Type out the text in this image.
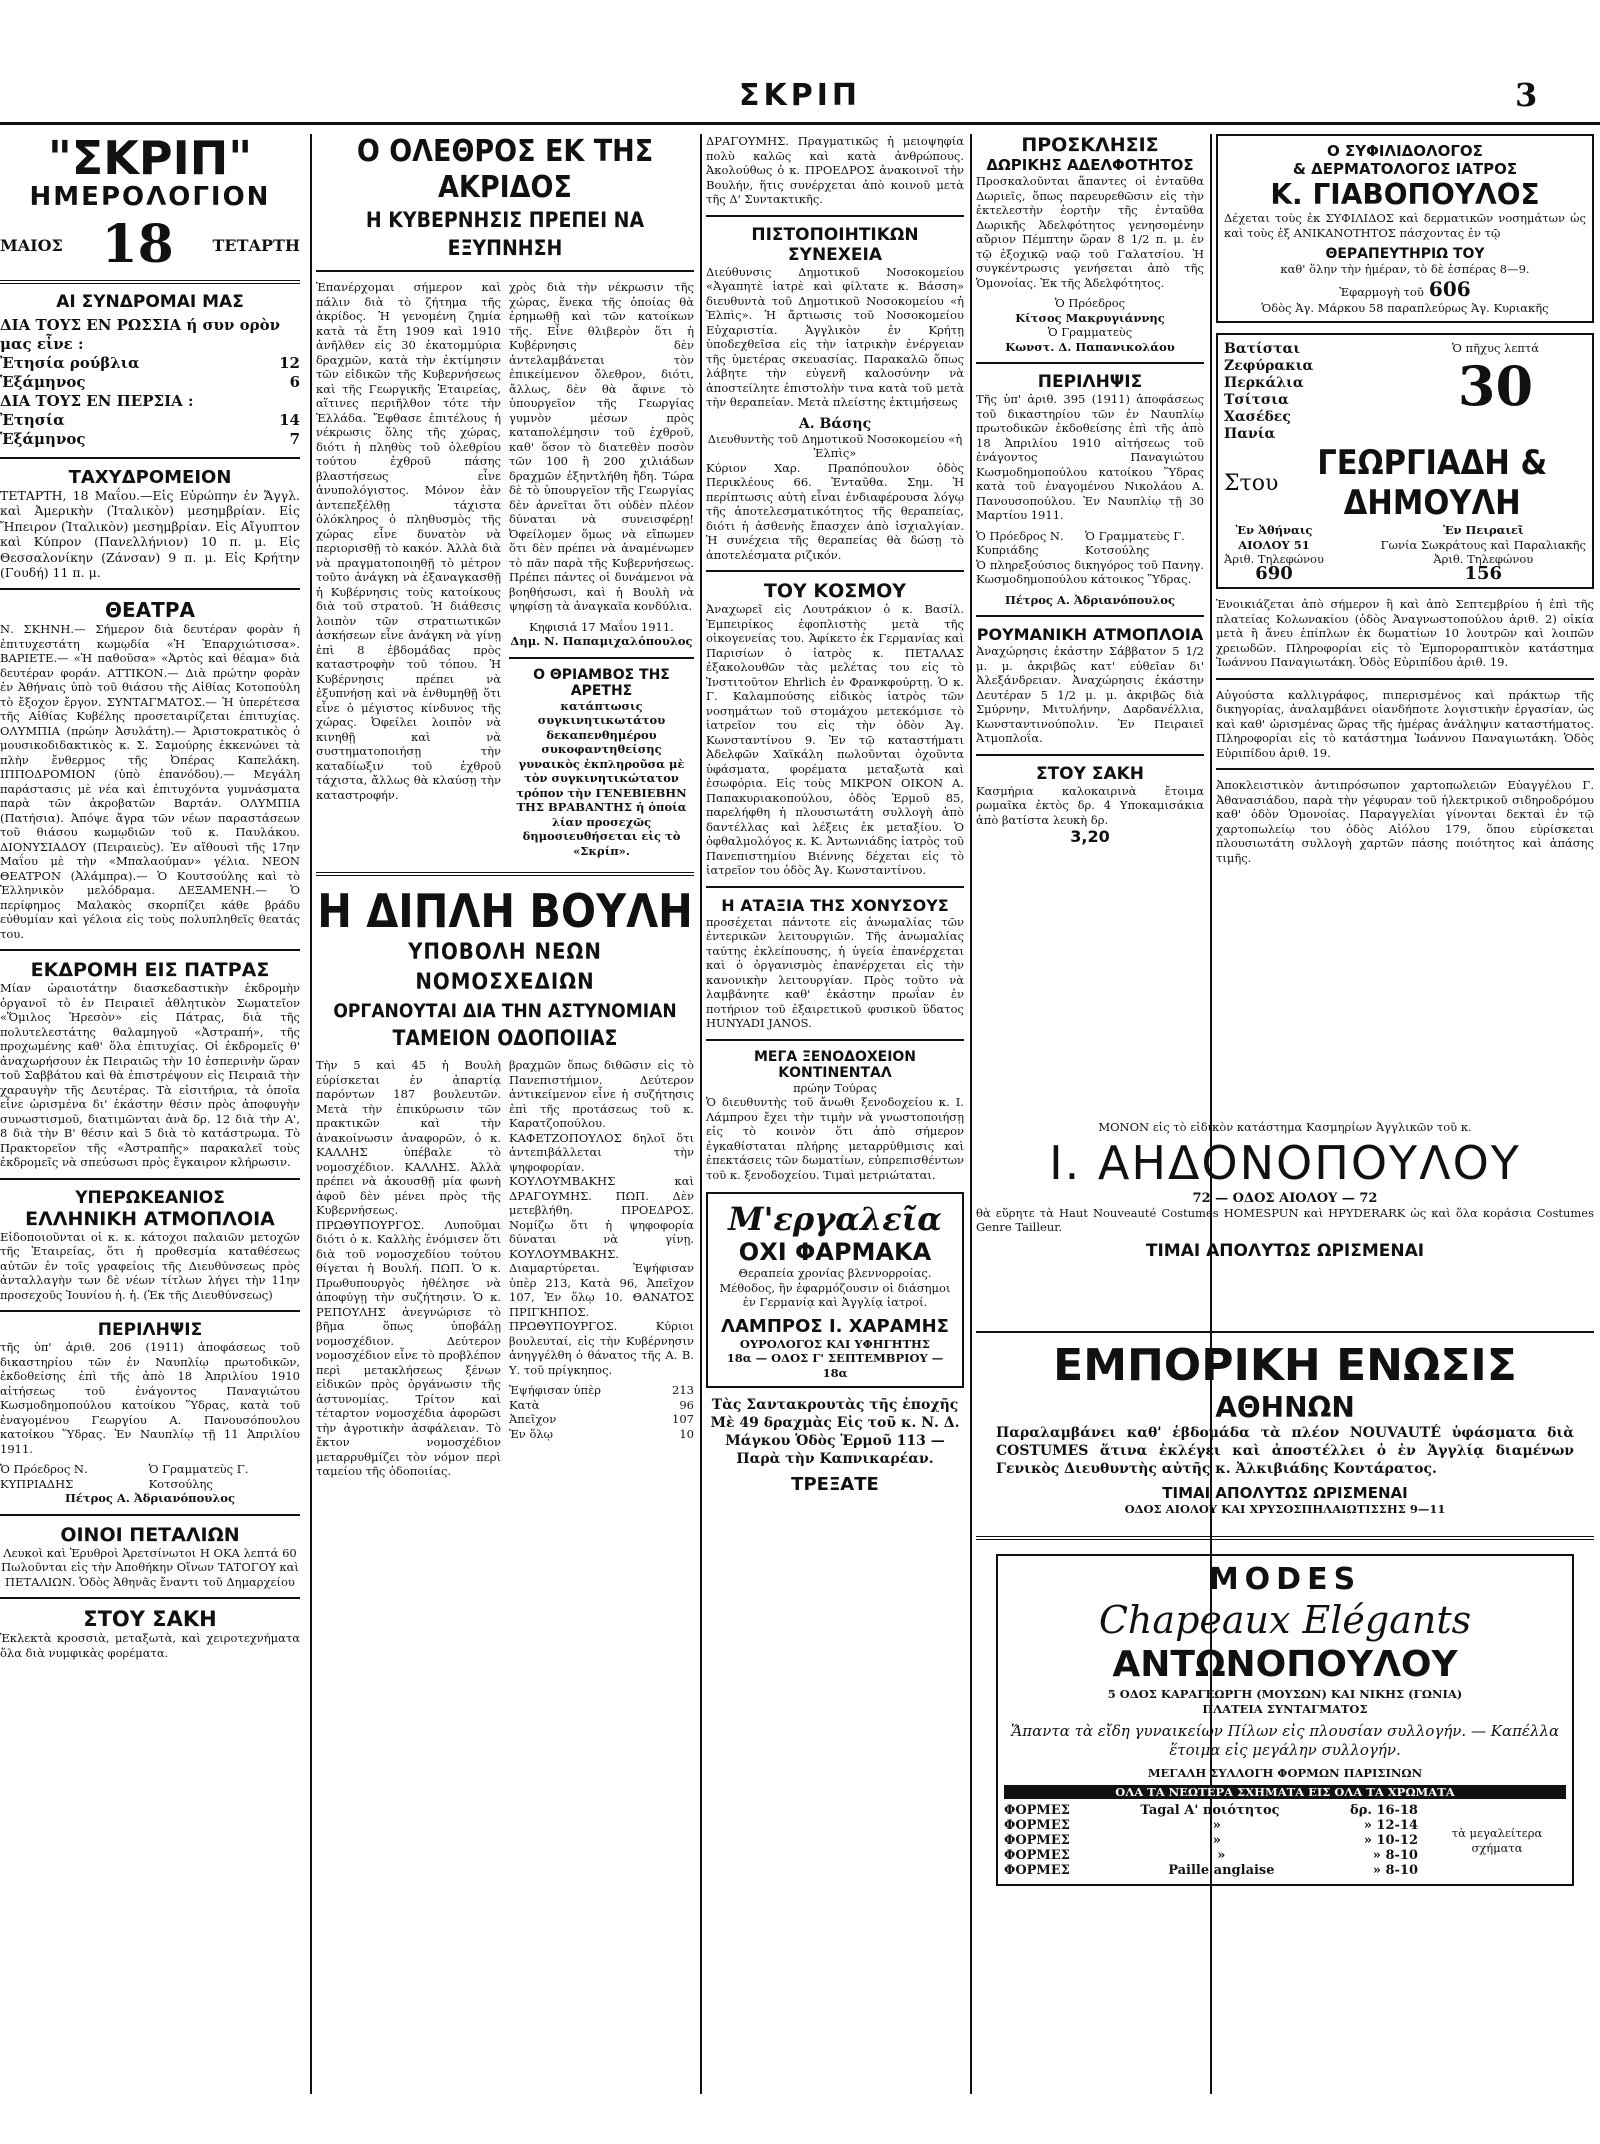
ΣΚΡΙΠ	3
"ΣΚΡΙΠ"
ΗΜΕΡΟΛΟΓΙΟΝ
ΜΑΙΟΣ 18 ΤΕΤΑΡΤΗ
ΑΙ ΣΥΝΔΡΟΜΑΙ ΜΑΣ
ΔΙΑ ΤΟΥΣ ΕΝ ΡΩΣΣΙΑ ή συν ορὸν μας εἶνε :
Ἐτησία ρούβλια	12
Ἑξάμηνος	6
ΔΙΑ ΤΟΥΣ ΕΝ ΠΕΡΣΙΑ :
Ἐτησία	14
Ἑξάμηνος	7
ΤΑΧΥΔΡΟΜΕΙΟΝ

ΤΕΤΑΡΤΗ, 18 Μαΐου.—Εἰς Εὐρώπην ἐν Ἄγγλ. καὶ Ἀμερικὴν (Ἰταλικὸν) μεσημβρίαν. Εἰς Ἤπειρον (Ἰταλικὸν) μεσημβρίαν. Εἰς Αἴγυπτον καὶ Κύπρον (Πανελλήνιον) 10 π. μ. Εἰς Θεσσαλονίκην (Ζάνσαν) 9 π. μ. Εἰς Κρήτην (Γουδή) 11 π. μ.

ΘΕΑΤΡΑ

Ν. ΣΚΗΝΗ.— Σήμερον διὰ δευτέραν φορὰν ἡ ἐπιτυχεστάτη κωμῳδία «Ἡ Ἐπαρχιώτισσα». ΒΑΡΙΕΤΕ.— «Ἡ παθοῦσα» «Ἀρτὸς καὶ θέαμα» διὰ δευτέραν φοράν. ΑΤΤΙΚΟΝ.— Διὰ πρώτην φορὰν ἐν Ἀθήναις ὑπὸ τοῦ θιάσου τῆς Αἰθίας Κοτοπούλη τὸ ἔξοχον ἔργον. ΣΥΝΤΑΓΜΑΤΟΣ.— Ἡ ὑπερέτεσα τῆς Αἰθίας Κυβέλης προσεταιρίζεται ἐπιτυχίας. ΟΛΥΜΠΙΑ (πρώην Ἀσυλάτη).— Ἀριστοκρατικὸς ὁ μουσικοδιδακτικὸς κ. Σ. Σαμούρης ἐκκενώνει τὰ πλὴν ἔνθερμος τῆς Ὀπέρας Καπελάκη. ΙΠΠΟΔΡΟΜΙΟΝ (ὑπὸ ἐπανόδου).— Μεγάλη παράστασις μὲ νέα καὶ ἐπιτυχόντα γυμνάσματα παρὰ τῶν ἀκροβατῶν Βαρτάν. ΟΛΥΜΠΙΑ (Πατήσια). Ἀπόψε ἄγρα τῶν νέων παραστάσεων τοῦ θιάσου κωμῳδιῶν τοῦ κ. Παυλάκου. ΔΙΟΝΥΣΙΑΔΟΥ (Πειραιεὺς). Ἐν αἴθουσὶ τῆς 17ην Μαΐου μὲ τὴν «Μπαλαούμαν» γέλια. ΝΕΟΝ ΘΕΑΤΡΟΝ (Ἀλάμπρα).— Ὁ Κουτσούλης καὶ τὸ Ἑλληνικὸν μελόδραμα. ΔΕΞΑΜΕΝΗ.— Ὁ περίφημος Μαλακὸς σκορπίζει κάθε βράδυ εὐθυμίαν καὶ γέλοια εἰς τοὺς πολυπληθεῖς θεατάς του.

ΕΚΔΡΟΜΗ ΕΙΣ ΠΑΤΡΑΣ

Μίαν ὡραιοτάτην διασκεδαστικὴν ἐκδρομὴν ὀργανοῖ τὸ ἐν Πειραιεῖ ἀθλητικὸν Σωματεῖον «Ὅμιλος Ἠρεσὸν» εἰς Πάτρας, διὰ τῆς πολυτελεστάτης θαλαμηγοῦ «Ἀστραπή», τῆς προχωμένης καθ' ὅλα ἐπιτυχίας. Οἱ ἐκδρομεῖς θ' ἀναχωρήσουν ἐκ Πειραιῶς τὴν 10 ἑσπερινὴν ὥραν τοῦ Σαββάτου καὶ θὰ ἐπιστρέψουν εἰς Πειραιᾶ τὴν χαραυγὴν τῆς Δευτέρας. Τὰ εἰσιτήρια, τὰ ὁποῖα εἶνε ὡρισμένα δι' ἑκάστην θέσιν πρὸς ἀποφυγὴν συνωστισμοῦ, διατιμῶνται ἀνὰ δρ. 12 διὰ τὴν Α', 8 διὰ τὴν Β' θέσιν καὶ 5 διὰ τὸ κατάστρωμα. Τὸ Πρακτορεῖον τῆς «Ἀστραπῆς» παρακαλεῖ τοὺς ἐκδρομεῖς νὰ σπεύσωσι πρὸς ἔγκαιρον κλήρωσιν.

ΥΠΕΡΩΚΕΑΝΙΟΣ
ΕΛΛΗΝΙΚΗ ΑΤΜΟΠΛΟΙΑ

Εἰδοποιοῦνται οἱ κ. κ. κάτοχοι παλαιῶν μετοχῶν τῆς Ἑταιρείας, ὅτι ἡ προθεσμία καταθέσεως αὐτῶν ἐν τοῖς γραφείοις τῆς Διευθύνσεως πρὸς ἀνταλλαγὴν των δὲ νέων τίτλων λήγει τὴν 11ην προσεχοῦς Ἰουνίου ἡ. ἡ. (Ἐκ τῆς Διευθύνσεως)

ΠΕΡΙΛΗΨΙΣ

τῆς ὑπ' ἀριθ. 206 (1911) ἀποφάσεως τοῦ δικαστηρίου τῶν ἐν Ναυπλίῳ πρωτοδικῶν, ἐκδοθείσης ἐπὶ τῆς ἀπὸ 18 Ἀπριλίου 1910 αἰτήσεως τοῦ ἐνάγοντος Παναγιώτου Κωσμοδημοπούλου κατοίκου Ὕδρας, κατὰ τοῦ ἐναγομένου Γεωργίου Α. Πανουσόπουλου κατοίκου Ὕδρας. Ἐν Ναυπλίῳ τῇ 11 Ἀπριλίου 1911.

Ὁ Πρόεδρος Ν. ΚΥΠΡΙΑΔΗΣ
Ὁ Γραμματεὺς Γ. Κοτσούλης
Πέτρος Α. Ἀδριανόπουλος
ΟΙΝΟΙ ΠΕΤΑΛΙΩΝ

Λευκοὶ καὶ Ἐρυθροὶ Ἀρετσίνωτοι Η ΟΚΑ λεπτά 60 Πωλοῦνται εἰς τὴν Ἀποθήκην Οἴνων ΤΑΤΟΓΟΥ καὶ ΠΕΤΑΛΙΩΝ. Ὁδὸς Ἀθηνᾶς ἔναντι τοῦ Δημαρχείου

ΣΤΟΥ ΣΑΚΗ

Ἐκλεκτὰ κροσσιὰ, μεταξωτὰ, καὶ χειροτεχνήματα ὅλα διὰ νυμφικὰς φορέματα.

Ο ΟΛΕΘΡΟΣ ΕΚ ΤΗΣ ΑΚΡΙΔΟΣ
Η ΚΥΒΕΡΝΗΣΙΣ ΠΡΕΠΕΙ ΝΑ ΕΞΥΠΝΗΣΗ

Ἐπανέρχομαι σήμερον καὶ πάλιν διὰ τὸ ζήτημα τῆς ἀκρίδος. Ἡ γενομένη ζημία κατὰ τὰ ἔτη 1909 καὶ 1910 ἀνῆλθεν εἰς 30 ἑκατομμύρια δραχμῶν, κατὰ τὴν ἐκτίμησιν τῶν εἰδικῶν τῆς Κυβερνήσεως καὶ τῆς Γεωργικῆς Ἑταιρείας, αἵτινες περιῆλθον τότε τὴν Ἑλλάδα. Ἔφθασε ἐπιτέλους ἡ νέκρωσις ὅλης τῆς χώρας, διότι ἡ πληθὺς τοῦ ὀλεθρίου τούτου ἐχθροῦ πάσης βλαστήσεως εἶνε ἀνυπολόγιστος. Μόνον ἐὰν ἀντεπεξέλθῃ τάχιστα ὁλόκληρος ὁ πληθυσμὸς τῆς χώρας εἶνε δυνατὸν νὰ περιορισθῇ τὸ κακόν. Ἀλλὰ διὰ νὰ πραγματοποιηθῇ τὸ μέτρον τοῦτο ἀνάγκη νὰ ἐξαναγκασθῇ ἡ Κυβέρνησις τοὺς κατοίκους διὰ τοῦ στρατοῦ. Ἡ διάθεσις λοιπὸν τῶν στρατιωτικῶν ἀσκήσεων εἶνε ἀνάγκη νὰ γίνῃ ἐπὶ 8 ἑβδομάδας πρὸς καταστροφὴν τοῦ τόπου. Ἡ Κυβέρνησις πρέπει νὰ ἐξυπνήσῃ καὶ νὰ ἐνθυμηθῇ ὅτι εἶνε ὁ μέγιστος κίνδυνος τῆς χώρας. Ὀφείλει λοιπὸν νὰ κινηθῇ καὶ νὰ συστηματοποιήσῃ τὴν καταδίωξιν τοῦ ἐχθροῦ τάχιστα, ἄλλως θὰ κλαύσῃ τὴν καταστροφήν.

χρὸς διὰ τὴν νέκρωσιν τῆς χώρας, ἕνεκα τῆς ὁποίας θὰ ἐρημωθῇ καὶ τῶν κατοίκων τῆς. Εἶνε θλιβερὸν ὅτι ἡ Κυβέρνησις δὲν ἀντελαμβάνεται τὸν ἐπικείμενον ὄλεθρον, διότι, ἄλλως, δὲν θὰ ἄφινε τὸ ὑπουργεῖον τῆς Γεωργίας γυμνὸν μέσων πρὸς καταπολέμησιν τοῦ ἐχθροῦ, καθ' ὅσον τὸ διατεθὲν ποσὸν τῶν 100 ἢ 200 χιλιάδων δραχμῶν ἐξηντλήθη ἤδη. Τώρα δὲ τὸ ὑπουργεῖον τῆς Γεωργίας δὲν ἀρνεῖται ὅτι οὐδὲν πλέον δύναται νὰ συνεισφέρῃ! Ὀφείλομεν ὅμως νὰ εἴπωμεν ὅτι δὲν πρέπει νὰ ἀναμένωμεν τὸ πᾶν παρὰ τῆς Κυβερνήσεως. Πρέπει πάντες οἱ δυνάμενοι νὰ βοηθήσωσι, καὶ ἡ Βουλὴ νὰ ψηφίσῃ τὰ ἀναγκαῖα κονδύλια.

Κηφισιά 17 Μαΐου 1911.
Δημ. Ν. Παπαμιχαλόπουλος
Ο ΘΡΙΑΜΒΟΣ ΤΗΣ ΑΡΕΤΗΣ

κατάπτωσις συγκινητικωτάτου δεκαπενθημέρου συκοφαντηθείσης γυναικὸς ἐκπληροῦσα μὲ τὸν συγκινητικώτατον τρόπον τὴν ΓΕΝΕΒΙΕΒΗΝ ΤΗΣ ΒΡΑΒΑΝΤΗΣ ἡ ὁποία λίαν προσεχῶς δημοσιευθήσεται εἰς τὸ «Σκρίπ».

Η ΔΙΠΛΗ ΒΟΥΛΗ
ΥΠΟΒΟΛΗ ΝΕΩΝ ΝΟΜΟΣΧΕΔΙΩΝ
ΟΡΓΑΝΟΥΤΑΙ ΔΙΑ ΤΗΝ ΑΣΤΥΝΟΜΙΑΝ
ΤΑΜΕΙΟΝ ΟΔΟΠΟΙΙΑΣ

Τὴν 5 καὶ 45 ἡ Βουλὴ εὑρίσκεται ἐν ἀπαρτίᾳ παρόντων 187 βουλευτῶν. Μετὰ τὴν ἐπικύρωσιν τῶν πρακτικῶν καὶ τὴν ἀνακοίνωσιν ἀναφορῶν, ὁ κ. ΚΑΛΛΗΣ ὑπέβαλε τὸ νομοσχέδιον. ΚΑΛΛΗΣ. Ἀλλὰ πρέπει νὰ ἀκουσθῇ μία φωνὴ ἀφοῦ δὲν μένει πρὸς τῆς Κυβερνήσεως. ΠΡΩΘΥΠΟΥΡΓΟΣ. Λυποῦμαι διότι ὁ κ. Καλλὴς ἐνόμισεν ὅτι διὰ τοῦ νομοσχεδίου τούτου θίγεται ἡ Βουλή. ΠΩΠ. Ὁ κ. Πρωθυπουργὸς ἠθέλησε νὰ ἀποφύγῃ τὴν συζήτησιν. Ὁ κ. ΡΕΠΟΥΛΗΣ ἀνεγνώρισε τὸ βῆμα ὅπως ὑποβάλῃ νομοσχέδιον. Δεύτερον νομοσχέδιον εἶνε τὸ προβλέπον περὶ μετακλήσεως ξένων εἰδικῶν πρὸς ὀργάνωσιν τῆς ἀστυνομίας. Τρίτον καὶ τέταρτον νομοσχέδια ἀφορῶσι τὴν ἀγροτικὴν ἀσφάλειαν. Τὸ ἔκτον νομοσχέδιον μεταρρυθμίζει τὸν νόμον περὶ ταμείου τῆς ὁδοποιίας.

βραχμῶν ὅπως διθῶσιν εἰς τὸ Πανεπιστήμιον. Δεύτερον ἀντικείμενον εἶνε ἡ συζήτησις ἐπὶ τῆς προτάσεως τοῦ κ. Καρατζοπούλου. ΚΑΦΕΤΖΟΠΟΥΛΟΣ δηλοῖ ὅτι ἀντεπιβάλλεται τὴν ψηφοφορίαν. ΚΟΥΛΟΥΜΒΑΚΗΣ καὶ ΔΡΑΓΟΥΜΗΣ. ΠΩΠ. Δὲν μετεβλήθη. ΠΡΟΕΔΡΟΣ. Νομίζω ὅτι ἡ ψηφοφορία δύναται νὰ γίνῃ. ΚΟΥΛΟΥΜΒΑΚΗΣ. Διαμαρτύρεται. Ἐψήφισαν ὑπὲρ 213, Κατὰ 96, Ἀπεῖχον 107, Ἐν ὅλῳ 10. ΘΑΝΑΤΟΣ ΠΡΙΓΚΗΠΟΣ. ΠΡΩΘΥΠΟΥΡΓΟΣ. Κύριοι βουλευταί, εἰς τὴν Κυβέρνησιν ἀνηγγέλθη ὁ θάνατος τῆς Α. Β. Υ. τοῦ πρίγκηπος.

Ἐψήφισαν ὑπὲρ	213
Κατὰ	96
Ἀπεῖχον	107
Ἐν ὅλῳ	10

ΔΡΑΓΟΥΜΗΣ. Πραγματικῶς ἡ μειοψηφία πολὺ καλῶς καὶ κατὰ ἀνθρώπους. Ἀκολούθως ὁ κ. ΠΡΟΕΔΡΟΣ ἀνακοινοῖ τὴν Βουλήν, ἥτις συνέρχεται ἀπὸ κοινοῦ μετὰ τῆς Δ' Συντακτικῆς.

ΠΙΣΤΟΠΟΙΗΤΙΚΩΝ ΣΥΝΕΧΕΙΑ

Διεύθυνσις Δημοτικοῦ Νοσοκομείου «Ἀγαπητὲ ἰατρὲ καὶ φίλτατε κ. Βάσση» διευθυντὰ τοῦ Δημοτικοῦ Νοσοκομείου «ἡ Ἐλπὶς». Ἡ ἄρτιωσις τοῦ Νοσοκομείου Εὐχαριστία. Ἀγγλικὸν ἐν Κρήτῃ ὑποδεχθεῖσα εἰς τὴν ἰατρικὴν ἐνέργειαν τῆς ὑμετέρας σκευασίας. Παρακαλῶ ὅπως λάβητε τὴν εὐγενῆ καλοσύνην νὰ ἀποστείλητε ἐπιστολὴν τινα κατὰ τοῦ μετὰ τὴν θεραπείαν. Μετὰ πλείστης ἐκτιμήσεως

Α. Βάσης
Διευθυντὴς τοῦ Δημοτικοῦ Νοσοκομείου «ἡ Ἐλπὶς»

Κύριον Χαρ. Πραπόπουλον ὁδὸς Περικλέους 66. Ἐνταῦθα. Σημ. Ἡ περίπτωσις αὐτὴ εἶναι ἐνδιαφέρουσα λόγῳ τῆς ἀποτελεσματικότητος τῆς θεραπείας, διότι ἡ ἀσθενὴς ἔπασχεν ἀπὸ ἰσχιαλγίαν. Ἡ συνέχεια τῆς θεραπείας θὰ δώσῃ τὸ ἀποτελέσματα ριζικόν.

ΤΟΥ ΚΟΣΜΟΥ

Ἀναχωρεῖ εἰς Λουτράκιον ὁ κ. Βασίλ. Ἐμπειρίκος ἐφοπλιστὴς μετὰ τῆς οἰκογενείας του. Ἀφίκετο ἐκ Γερμανίας καὶ Παρισίων ὁ ἰατρὸς κ. ΠΕΤΑΛΑΣ ἐξακολουθῶν τὰς μελέτας του εἰς τὸ Ἰνστιτοῦτον Ehrlich ἐν Φρανκφούρτῃ. Ὁ κ. Γ. Καλαμπούσης εἰδικὸς ἰατρὸς τῶν νοσημάτων τοῦ στομάχου μετεκόμισε τὸ ἰατρεῖον του εἰς τὴν ὁδὸν Ἀγ. Κωνσταντίνου 9. Ἐν τῷ καταστήματι Ἀδελφῶν Χαϊκάλη πωλοῦνται ὀχοῦντα ὑφάσματα, φορέματα μεταξωτὰ καὶ ἐσωφόρια. Εἰς τοὺς ΜΙΚΡΟΝ ΟΙΚΟΝ Α. Παπακυριακοπούλου, ὁδὸς Ἑρμοῦ 85, παρελήφθη ἡ πλουσιωτάτη συλλογὴ ἀπὸ δαντέλλας καὶ λέξεις ἐκ μεταξίου. Ὁ ὀφθαλμολόγος κ. Κ. Ἀντωνιάδης ἰατρὸς τοῦ Πανεπιστημίου Βιέννης δέχεται εἰς τὸ ἰατρεῖον του ὁδὸς Ἀγ. Κωνσταντίνου.

Η ΑΤΑΞΙΑ ΤΗΣ ΧΟΝΥΣΟΥΣ

προσέχεται πάντοτε εἰς ἀνωμαλίας τῶν ἐντερικῶν λειτουργιῶν. Τῆς ἀνωμαλίας ταύτης ἐκλείπουσης, ἡ ὑγεία ἐπανέρχεται καὶ ὁ ὀργανισμὸς ἐπανέρχεται εἰς τὴν κανονικὴν λειτουργίαν. Πρὸς τοῦτο νὰ λαμβάνητε καθ' ἑκάστην πρωΐαν ἐν ποτήριον τοῦ ἐξαιρετικοῦ φυσικοῦ ὕδατος HUNYADI JANOS.

ΜΕΓΑ ΞΕΝΟΔΟΧΕΙΟΝ ΚΟΝΤΙΝΕΝΤΑΛ
πρώην Τούρας

Ὁ διευθυντὴς τοῦ ἄνωθι ξενοδοχείου κ. Ι. Λάμπρου ἔχει τὴν τιμὴν νὰ γνωστοποιήσῃ εἰς τὸ κοινὸν ὅτι ἀπὸ σήμερον ἐγκαθίσταται πλήρης μεταρρύθμισις καὶ ἐπεκτάσεις τῶν δωματίων, εὐπρεπισθέντων τοῦ κ. ξενοδοχείου. Τιμαὶ μετριώταται.

Μ'εργαλεῖα
ΟΧΙ ΦΑΡΜΑΚΑ
Θεραπεία χρονίας βλεννορροίας.

Μέθοδος, ἣν ἐφαρμόζουσιν οἱ διάσημοι ἐν Γερμανίᾳ καὶ Ἀγγλίᾳ ἰατροί.

ΛΑΜΠΡΟΣ Ι. ΧΑΡΑΜΗΣ
ΟΥΡΟΛΟΓΟΣ ΚΑΙ ΥΦΗΓΗΤΗΣ
18α — ΟΔΟΣ Γ' ΣΕΠΤΕΜΒΡΙΟΥ — 18α

Τὰς Σαντακρουτὰς τῆς ἐποχῆς Μὲ 49 δραχμὰς Εἰς τοῦ κ. Ν. Δ. Μάγκου Ὁδὸς Ἑρμοῦ 113 — Παρὰ τὴν Καπνικαρέαν.

ΤΡΕΞΑΤΕ
ΠΡΟΣΚΛΗΣΙΣ
ΔΩΡΙΚΗΣ ΑΔΕΛΦΟΤΗΤΟΣ

Προσκαλοῦνται ἅπαντες οἱ ἐνταῦθα Δωριεῖς, ὅπως παρευρεθῶσιν εἰς τὴν ἐκτελεστὴν ἑορτὴν τῆς ἐνταῦθα Δωρικῆς Ἀδελφότητος γενησομένην αὔριον Πέμπτην ὥραν 8 1/2 π. μ. ἐν τῷ ἐξοχικῷ ναῷ τοῦ Γαλατσίου. Ἡ συγκέντρωσις γενήσεται ἀπὸ τῆς Ὁμονοίας. Ἐκ τῆς Ἀδελφότητος.

Ὁ Πρόεδρος
Κίτσος Μακρυγιάννης
Ὁ Γραμματεὺς
Κωνστ. Δ. Παπανικολάου
ΠΕΡΙΛΗΨΙΣ

Τῆς ὑπ' ἀριθ. 395 (1911) ἀποφάσεως τοῦ δικαστηρίου τῶν ἐν Ναυπλίῳ πρωτοδικῶν ἐκδοθείσης ἐπὶ τῆς ἀπὸ 18 Ἀπριλίου 1910 αἰτήσεως τοῦ ἐνάγοντος Παναγιώτου Κωσμοδημοπούλου κατοίκου Ὕδρας κατὰ τοῦ ἐναγομένου Νικολάου Α. Πανουσοπούλου. Ἐν Ναυπλίῳ τῇ 30 Μαρτίου 1911.

Ὁ Πρόεδρος Ν. Κυπριάδης
Ὁ Γραμματεὺς Γ. Κοτσούλης

Ὁ πληρεξούσιος δικηγόρος τοῦ Πανηγ. Κωσμοδημοπούλου κάτοικος Ὕδρας.

Πέτρος Α. Ἀδριανόπουλος
ΡΟΥΜΑΝΙΚΗ ΑΤΜΟΠΛΟΙΑ

Ἀναχώρησις ἑκάστην Σάββατον 5 1/2 μ. μ. ἀκριβῶς κατ' εὐθεῖαν δι' Ἀλεξάνδρειαν. Ἀναχώρησις ἑκάστην Δευτέραν 5 1/2 μ. μ. ἀκριβῶς διὰ Σμύρνην, Μιτυλήνην, Δαρδανέλλια, Κωνσταντινούπολιν. Ἐν Πειραιεῖ Ἀτμοπλοΐα.

ΣΤΟΥ ΣΑΚΗ

Κασμήρια καλοκαιρινὰ ἔτοιμα ρωμαῖκα ἐκτὸς δρ. 4 Υποκαμισάκια ἀπὸ βατίστα λευκὴ δρ.

3,20
ΜΟΝΟΝ εἰς τὸ εἰδικὸν κατάστημα Κασμηρίων Ἀγγλικῶν τοῦ κ.
Ι. ΑΗΔΟΝΟΠΟΥΛΟΥ
72 — ΟΔΟΣ ΑΙΟΛΟΥ — 72

θὰ εὕρητε τὰ Haut Nouveauté Costumes HOMESPUN καὶ HPYDERARK ὡς καὶ ὅλα κοράσια Costumes Genre Tailleur.

ΤΙΜΑΙ ΑΠΟΛΥΤΩΣ ΩΡΙΣΜΕΝΑΙ
ΕΜΠΟΡΙΚΗ ΕΝΩΣΙΣ
ΑΘΗΝΩΝ

Παραλαμβάνει καθ' ἑβδομάδα τὰ πλέον NOUVAUTÉ ὑφάσματα διὰ COSTUMES ἅτινα ἐκλέγει καὶ ἀποστέλλει ὁ ἐν Ἀγγλίᾳ διαμένων Γενικὸς Διευθυντὴς αὐτῆς κ. Ἀλκιβιάδης Κοντάρατος.

ΤΙΜΑΙ ΑΠΟΛΥΤΩΣ ΩΡΙΣΜΕΝΑΙ
ΟΔΟΣ ΑΙΟΛΟΥ ΚΑΙ ΧΡΥΣΟΣΠΗΛΑΙΩΤΙΣΣΗΣ 9—11
MODES
Chapeaux Elégants
ΑΝΤΩΝΟΠΟΥΛΟΥ
5 ΟΔΟΣ ΚΑΡΑΓΕΩΡΓΗ (ΜΟΥΣΩΝ) ΚΑΙ ΝΙΚΗΣ (ΓΩΝΙΑ)
ΠΛΑΤΕΙΑ ΣΥΝΤΑΓΜΑΤΟΣ

Ἅπαντα τὰ εἴδη γυναικείων Πίλων εἰς πλουσίαν συλλογήν. — Καπέλλα ἕτοιμα εἰς μεγάλην συλλογήν.

ΜΕΓΑΛΗ ΣΥΛΛΟΓΗ ΦΟΡΜΩΝ ΠΑΡΙΣΙΝΩΝ
ΟΛΑ ΤΑ ΝΕΩΤΕΡΑ ΣΧΗΜΑΤΑ ΕΙΣ ΟΛΑ ΤΑ ΧΡΩΜΑΤΑ
ΦΟΡΜΕΣ	Tagal Α' ποιότητος	δρ. 16-18
ΦΟΡΜΕΣ	»	» 12-14
ΦΟΡΜΕΣ	»	» 10-12
ΦΟΡΜΕΣ	»	» 8-10
ΦΟΡΜΕΣ	Paille anglaise	» 8-10
τὰ μεγαλείτερα σχήματα
Ο ΣΥΦΙΛΙΔΟΛΟΓΟΣ
& ΔΕΡΜΑΤΟΛΟΓΟΣ ΙΑΤΡΟΣ
Κ. ΓΙΑΒΟΠΟΥΛΟΣ

Δέχεται τοὺς ἐκ ΣΥΦΙΛΙΔΟΣ καὶ δερματικῶν νοσημάτων ὡς καὶ τοὺς ἐξ ΑΝΙΚΑΝΟΤΗΤΟΣ πάσχοντας ἐν τῷ

ΘΕΡΑΠΕΥΤΗΡΙΩ ΤΟΥ
καθ' ὅλην τὴν ἡμέραν, τὸ δὲ ἑσπέρας 8—9.
Ἐφαρμογὴ τοῦ 606
Ὁδὸς Ἀγ. Μάρκου 58 παραπλεύρως Ἁγ. Κυριακῆς
Βατίσται
Ζεφύρακια
Περκάλια
Τσίτσια
Χασέδες
Πανία
Ὁ πῆχυς λεπτά
30
Στου	ΓΕΩΡΓΙΑΔΗ & ΔΗΜΟΥΛΗ
Ἐν Ἀθήναις
ΑΙΟΛΟΥ 51
Ἀριθ. Τηλεφώνου
690
Ἐν Πειραιεῖ
Γωνία Σωκράτους καὶ Παραλιακῆς
Ἀριθ. Τηλεφώνου
156

Ἐνοικιάζεται ἀπὸ σήμερον ἢ καὶ ἀπὸ Σεπτεμβρίου ἡ ἐπὶ τῆς πλατείας Κολωνακίου (ὁδὸς Ἀναγνωστοπούλου ἀριθ. 2) οἰκία μετὰ ἢ ἄνευ ἐπίπλων ἐκ δωματίων 10 λουτρῶν καὶ λοιπῶν χρειωδῶν. Πληροφορίαι εἰς τὸ Ἐμποροραπτικὸν κατάστημα Ἰωάννου Παναγιωτάκη. Ὁδὸς Εὐριπίδου ἀριθ. 19.

Αὐγούστα καλλιγράφος, πιπερισμένος καὶ πράκτωρ τῆς δικηγορίας, ἀναλαμβάνει οἱανδήποτε λογιστικὴν ἐργασίαν, ὡς καὶ καθ' ὡρισμένας ὥρας τῆς ἡμέρας ἀνάληψιν καταστήματος. Πληροφορίαι εἰς τὸ κατάστημα Ἰωάννου Παναγιωτάκη. Ὁδὸς Εὐριπίδου ἀριθ. 19.

Ἀποκλειστικὸν ἀντιπρόσωπον χαρτοπωλειῶν Εὐαγγέλου Γ. Ἀθανασιάδου, παρὰ τὴν γέφυραν τοῦ ἠλεκτρικοῦ σιδηροδρόμου καθ' ὁδὸν Ὁμονοίας. Παραγγελίαι γίνονται δεκταὶ ἐν τῷ χαρτοπωλείῳ του ὁδὸς Αἰόλου 179, ὅπου εὑρίσκεται πλουσιωτάτη συλλογὴ χαρτῶν πάσης ποιότητος καὶ ἁπάσης τιμῆς.
